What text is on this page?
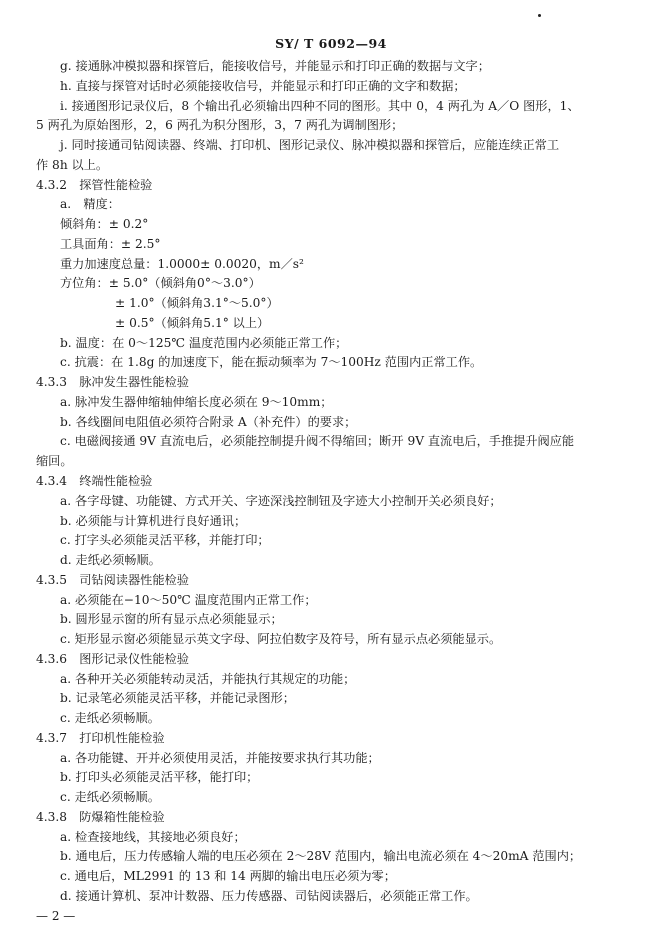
SY/ T 6092—94
g. 接通脉冲模拟器和探管后，能接收信号，并能显示和打印正确的数据与文字；
h. 直接与探管对话时必须能接收信号，并能显示和打印正确的文字和数据；
i. 接通图形记录仪后，8 个输出孔必须输出四种不同的图形。其中 0，4 两孔为 A／O 图形，1、
5 两孔为原始图形，2，6 两孔为积分图形，3，7 两孔为调制图形；
j. 同时接通司钻阅读器、终端、打印机、图形记录仪、脉冲模拟器和探管后，应能连续正常工
作 8h 以上。
4.3.2　探管性能检验
a.　精度：
倾斜角：± 0.2°
工具面角：± 2.5°
重力加速度总量：1.0000± 0.0020，m／s²
方位角：± 5.0°（倾斜角0°～3.0°）
± 1.0°（倾斜角3.1°～5.0°）
± 0.5°（倾斜角5.1° 以上）
b. 温度：在 0～125℃ 温度范围内必须能正常工作；
c. 抗震：在 1.8g 的加速度下，能在振动频率为 7～100Hz 范围内正常工作。
4.3.3　脉冲发生器性能检验
a. 脉冲发生器伸缩轴伸缩长度必须在 9～10mm；
b. 各线圈间电阻值必须符合附录 A（补充件）的要求；
c. 电磁阀接通 9V 直流电后，必须能控制提升阀不得缩回；断开 9V 直流电后，手推提升阀应能
缩回。
4.3.4　终端性能检验
a. 各字母键、功能键、方式开关、字迹深浅控制钮及字迹大小控制开关必须良好；
b. 必须能与计算机进行良好通讯；
c. 打字头必须能灵活平移，并能打印；
d. 走纸必须畅顺。
4.3.5　司钻阅读器性能检验
a. 必须能在−10～50℃ 温度范围内正常工作；
b. 圆形显示窗的所有显示点必须能显示；
c. 矩形显示窗必须能显示英文字母、阿拉伯数字及符号，所有显示点必须能显示。
4.3.6　图形记录仪性能检验
a. 各种开关必须能转动灵活，并能执行其规定的功能；
b. 记录笔必须能灵活平移，并能记录图形；
c. 走纸必须畅顺。
4.3.7　打印机性能检验
a. 各功能键、开并必须使用灵活，并能按要求执行其功能；
b. 打印头必须能灵活平移，能打印；
c. 走纸必须畅顺。
4.3.8　防爆箱性能检验
a. 检查接地线，其接地必须良好；
b. 通电后，压力传感输人端的电压必须在 2～28V 范围内，输出电流必须在 4～20mA 范围内；
c. 通电后，ML2991 的 13 和 14 两脚的输出电压必须为零；
d. 接通计算机、泵冲计数器、压力传感器、司钻阅读器后，必须能正常工作。
— 2 —
